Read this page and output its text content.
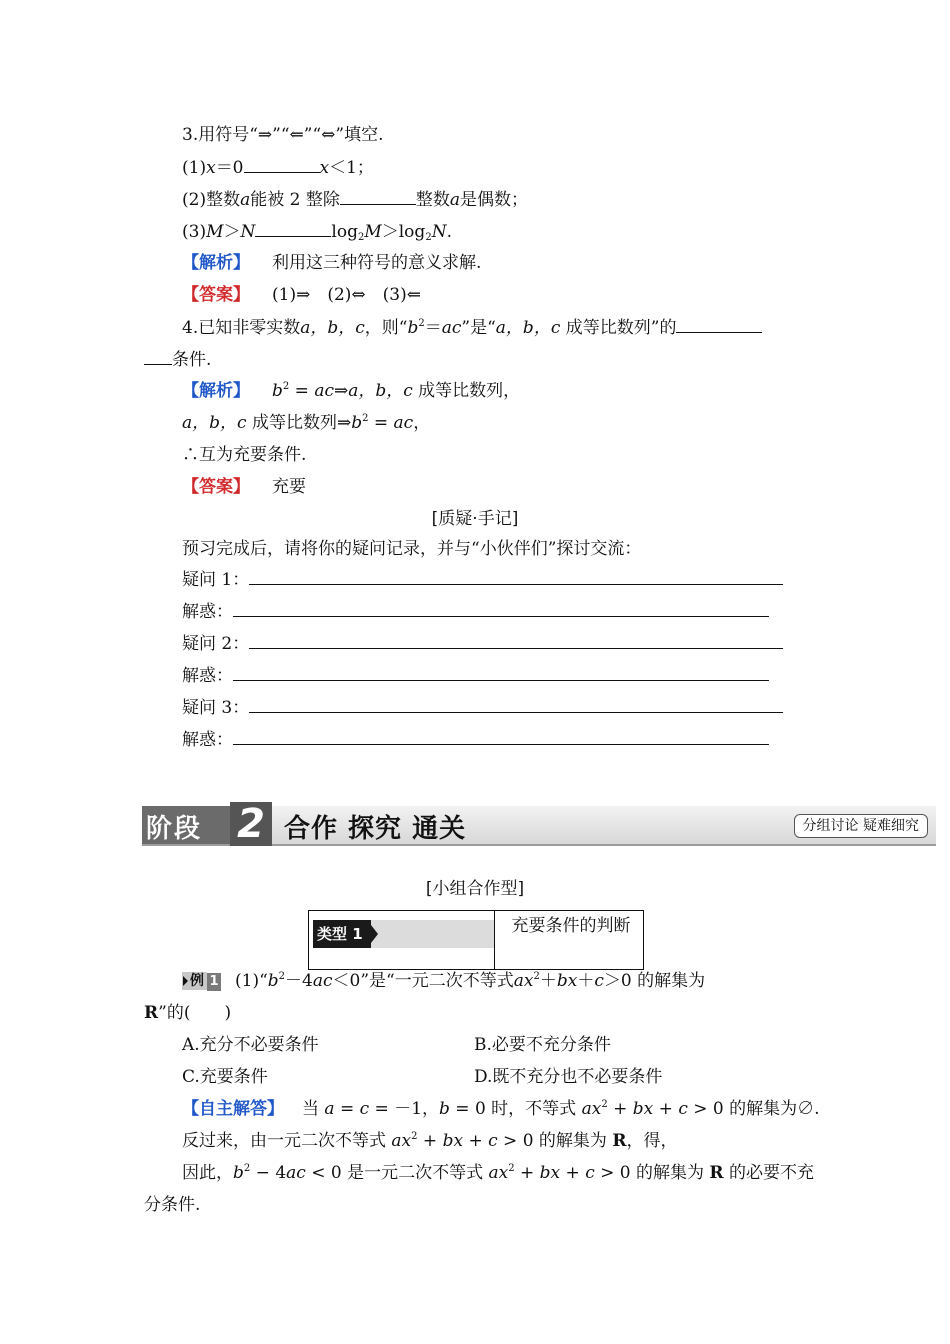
3.用符号“⇒”“⇐”“⇔”填空.
(1)x＝0	x＜1；
(2)整数a能被 2 整除	整数a是偶数；
(3)M＞N	$\log_2M>\log_2N$.
【解析】 利用这三种符号的意义求解.
【答案】 (1)⇒　(2)⇔　(3)⇐
4.已知非零实数a，b，c，则“$b^2=ac$”是“a，b，c 成等比数列”的
条件.
【解析】 $b^2$ = ac⇒a，b，c 成等比数列，
a，b，c 成等比数列$\Rightarrow b^2$ = ac，
∴互为充要条件.
【答案】 充要
[质疑·手记]
预习完成后，请将你的疑问记录，并与“小伙伴们”探讨交流：
疑问 1：
解惑：
疑问 2：
解惑：
疑问 3：
解惑：
阶段 2 合作 探究 通关	分组讨论 疑难细究
[小组合作型]
类型 1	充要条件的判断
例 1 $(1)“b^2-4ac<0$”是“一元二次不等式$ax^2+bx+c>0$ 的解集为
R”的(　　)
A.充分不必要条件	B.必要不充分条件
C.充要条件	D.既不充分也不必要条件
【自主解答】 当 a = c = －1，b = 0 时，不等式 $ax^2$ + bx + c > 0 的解集为∅.
反过来，由一元二次不等式 $ax^2$ + bx + c > 0 的解集为 R，得，
因此，$b^2 - 4ac < 0$ 是一元二次不等式 $ax^2$ + bx + c > 0 的解集为 R 的必要不充
分条件.
